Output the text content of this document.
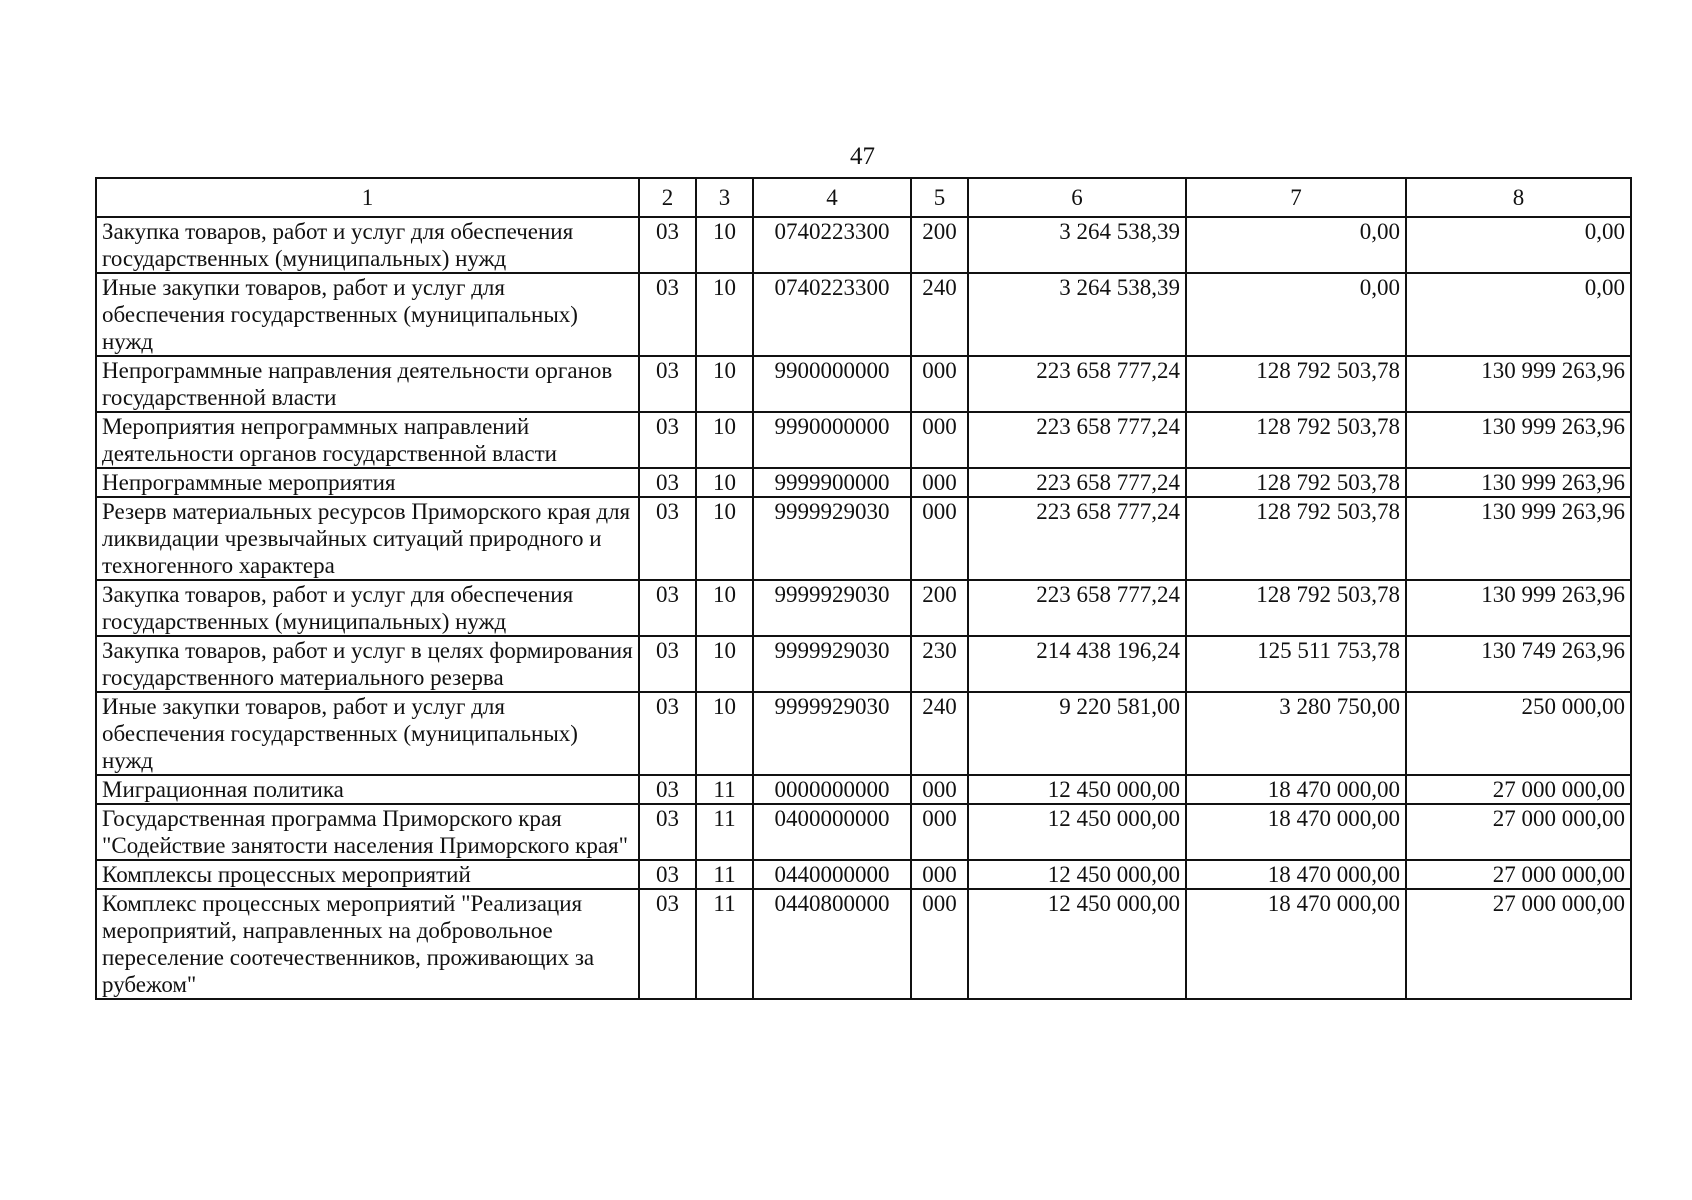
47
1	2	3	4	5	6	7	8
Закупка товаров, работ и услуг для обеспечения государственных (муниципальных) нужд	03	10	0740223300	200	3 264 538,39	0,00	0,00
Иные закупки товаров, работ и услуг для обеспечения государственных (муниципальных) нужд	03	10	0740223300	240	3 264 538,39	0,00	0,00
Непрограммные направления деятельности органов государственной власти	03	10	9900000000	000	223 658 777,24	128 792 503,78	130 999 263,96
Мероприятия непрограммных направлений деятельности органов государственной власти	03	10	9990000000	000	223 658 777,24	128 792 503,78	130 999 263,96
Непрограммные мероприятия	03	10	9999900000	000	223 658 777,24	128 792 503,78	130 999 263,96
Резерв материальных ресурсов Приморского края для ликвидации чрезвычайных ситуаций природного и техногенного характера	03	10	9999929030	000	223 658 777,24	128 792 503,78	130 999 263,96
Закупка товаров, работ и услуг для обеспечения государственных (муниципальных) нужд	03	10	9999929030	200	223 658 777,24	128 792 503,78	130 999 263,96
Закупка товаров, работ и услуг в целях формирования государственного материального резерва	03	10	9999929030	230	214 438 196,24	125 511 753,78	130 749 263,96
Иные закупки товаров, работ и услуг для обеспечения государственных (муниципальных) нужд	03	10	9999929030	240	9 220 581,00	3 280 750,00	250 000,00
Миграционная политика	03	11	0000000000	000	12 450 000,00	18 470 000,00	27 000 000,00
Государственная программа Приморского края "Содействие занятости населения Приморского края"	03	11	0400000000	000	12 450 000,00	18 470 000,00	27 000 000,00
Комплексы процессных мероприятий	03	11	0440000000	000	12 450 000,00	18 470 000,00	27 000 000,00
Комплекс процессных мероприятий "Реализация мероприятий, направленных на добровольное переселение соотечественников, проживающих за рубежом"	03	11	0440800000	000	12 450 000,00	18 470 000,00	27 000 000,00
